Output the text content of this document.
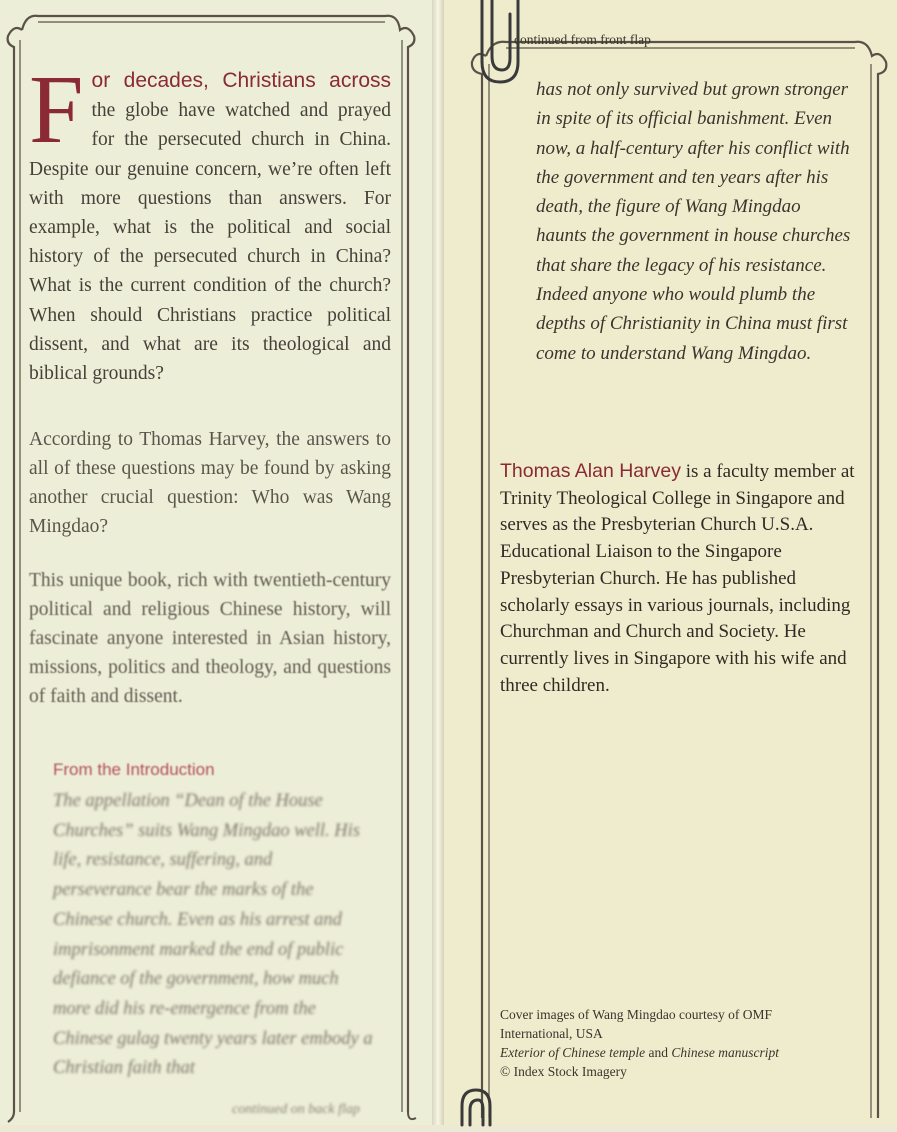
F or decades, Christians across the globe have watched and prayed for the persecuted church in China. Despite our genuine concern, we’re often left with more questions than answers. For example, what is the political and social history of the persecuted church in China? What is the current condition of the church? When should Christians practice political dissent, and what are its theological and biblical grounds?
According to Thomas Harvey, the answers to all of these questions may be found by asking another crucial question: Who was Wang Mingdao?
This unique book, rich with twentieth-century political and religious Chinese history, will fascinate anyone interested in Asian history, missions, politics and theology, and questions of faith and dissent.
From the Introduction
The appellation “Dean of the House Churches” suits Wang Mingdao well. His life, resistance, suffering, and perseverance bear the marks of the Chinese church. Even as his arrest and imprisonment marked the end of public defiance of the government, how much more did his re-emergence from the Chinese gulag twenty years later embody a Christian faith that
continued on back flap
continued from front flap
has not only survived but grown stronger in spite of its official banishment. Even now, a half-century after his conflict with the government and ten years after his death, the figure of Wang Mingdao haunts the government in house churches that share the legacy of his resistance. Indeed anyone who would plumb the depths of Christianity in China must first come to understand Wang Mingdao.
Thomas Alan Harvey is a faculty member at Trinity Theological College in Singapore and serves as the Presbyterian Church U.S.A. Educational Liaison to the Singapore Presbyterian Church. He has published scholarly essays in various journals, including Churchman and Church and Society. He currently lives in Singapore with his wife and three children.
Cover images of Wang Mingdao courtesy of OMF International, USA
Exterior of Chinese temple and Chinese manuscript
© Index Stock Imagery
